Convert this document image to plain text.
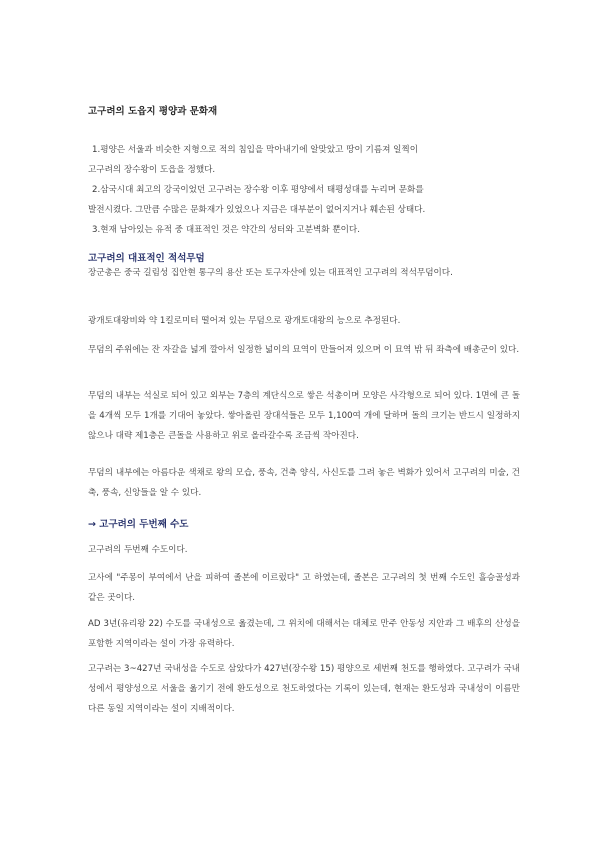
고구려의 도읍지 평양과 문화재

1.평양은 서울과 비슷한 지형으로 적의 침입을 막아내기에 알맞았고 땅이 기름져 일찍이

고구려의 장수왕이 도읍을 정했다.

2.삼국시대 최고의 강국이었던 고구려는 장수왕 이후 평양에서 태평성대를 누리며 문화를

발전시켰다. 그만큼 수많은 문화재가 있었으나 지금은 대부분이 없어지거나 훼손된 상태다.

3.현재 남아있는 유적 중 대표적인 것은 약간의 성터와 고분벽화 뿐이다.

고구려의 대표적인 적석무덤

장군총은 중국 길림성 집안현 통구의 용산 또는 토구자산에 있는 대표적인 고구려의 적석무덤이다.

광개토대왕비와 약 1킬로미터 떨어져 있는 무덤으로 광개토대왕의 능으로 추정된다.

무덤의 주위에는 잔 자갈을 넓게 깔아서 일정한 넓이의 묘역이 만들어져 있으며 이 묘역 밖 뒤 좌측에 배총군이 있다.

무덤의 내부는 석실로 되어 있고 외부는 7층의 계단식으로 쌓은 석총이며 모양은 사각형으로 되어 있다. 1면에 큰 돌을 4개씩 모두 1개를 기대어 놓았다. 쌓아올린 장대석들은 모두 1,100여 개에 달하며 돌의 크기는 반드시 일정하지 않으나 대략 제1층은 큰돌을 사용하고 위로 올라갈수록 조금씩 작아진다.

무덤의 내부에는 아름다운 색채로 왕의 모습, 풍속, 건축 양식, 사신도를 그려 놓은 벽화가 있어서 고구려의 미술, 건축, 풍속, 신앙들을 알 수 있다.

→ 고구려의 두번째 수도

고구려의 두번째 수도이다.

고사에 "주몽이 부여에서 난을 피하여 졸본에 이르렀다" 고 하였는데, 졸본은 고구려의 첫 번째 수도인 흘승골성과 같은 곳이다.

AD 3년(유리왕 22) 수도를 국내성으로 옮겼는데, 그 위치에 대해서는 대체로 만주 안동성 지안과 그 배후의 산성을 포함한 지역이라는 설이 가장 유력하다.

고구려는 3~427년 국내성을 수도로 삼았다가 427년(장수왕 15) 평양으로 세번째 천도를 행하였다. 고구려가 국내성에서 평양성으로 서울을 옮기기 전에 환도성으로 천도하였다는 기록이 있는데, 현재는 환도성과 국내성이 이름만 다른 동일 지역이라는 설이 지배적이다.
